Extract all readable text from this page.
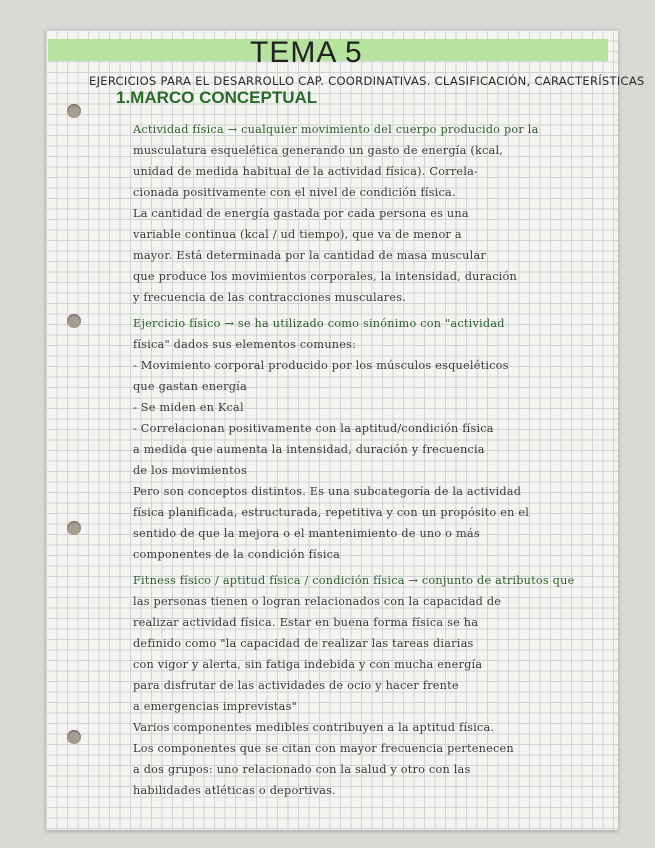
TEMA 5
EJERCICIOS PARA EL DESARROLLO CAP. COORDINATIVAS. CLASIFICACIÓN, CARACTERÍSTICAS
1.MARCO CONCEPTUAL
Actividad física → cualquier movimiento del cuerpo producido por la
musculatura esquelética generando un gasto de energía (kcal,
unidad de medida habitual de la actividad física). Correla-
cionada positivamente con el nivel de condición física.
La cantidad de energía gastada por cada persona es una
variable continua (kcal / ud tiempo), que va de menor a
mayor. Está determinada por la cantidad de masa muscular
que produce los movimientos corporales, la intensidad, duración
y frecuencia de las contracciones musculares.
Ejercicio físico → se ha utilizado como sinónimo con "actividad
física" dados sus elementos comunes:
- Movimiento corporal producido por los músculos esqueléticos
que gastan energía
- Se miden en Kcal
- Correlacionan positivamente con la aptitud/condición física
a medida que aumenta la intensidad, duración y frecuencia
de los movimientos
Pero son conceptos distintos. Es una subcategoría de la actividad
física planificada, estructurada, repetitiva y con un propósito en el
sentido de que la mejora o el mantenimiento de uno o más
componentes de la condición física
Fitness físico / aptitud física / condición física → conjunto de atributos que
las personas tienen o logran relacionados con la capacidad de
realizar actividad física. Estar en buena forma física se ha
definido como "la capacidad de realizar las tareas diarias
con vigor y alerta, sin fatiga indebida y con mucha energía
para disfrutar de las actividades de ocio y hacer frente
a emergencias imprevistas"
Varios componentes medibles contribuyen a la aptitud física.
Los componentes que se citan con mayor frecuencia pertenecen
a dos grupos: uno relacionado con la salud y otro con las
habilidades atléticas o deportivas.
